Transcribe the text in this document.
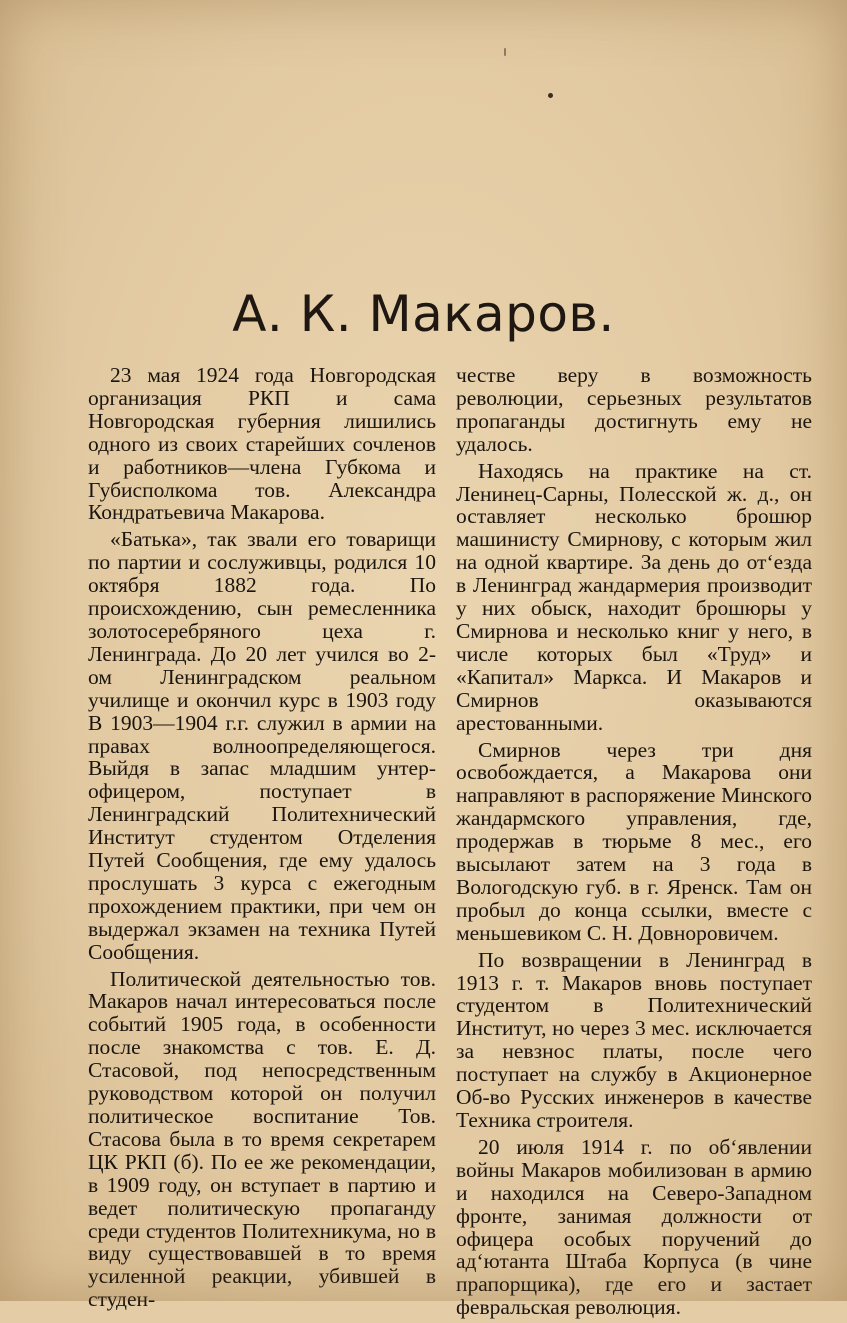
А. К. Макаров.

23 мая 1924 года Новгородская организация РКП и сама Новгородская губерния лишились одного из своих старейших сочленов и работников—члена Губкома и Губисполкома тов. Александра Кондратьевича Макарова.

«Батька», так звали его товарищи по партии и сослуживцы, родился 10 октября 1882 года. По происхождению, сын ремесленника золотосеребряного цеха г. Ленинграда. До 20 лет учился во 2-ом Ленинградском реальном училище и окончил курс в 1903 году В 1903—1904 г.г. служил в армии на правах волноопределяющегося. Выйдя в запас младшим унтер-офицером, поступает в Ленинградский Политехнический Институт студентом Отделения Путей Сообщения, где ему удалось прослушать 3 курса с ежегодным прохождением практики, при чем он выдержал экзамен на техника Путей Сообщения.

Политической деятельностью тов. Макаров начал интересоваться после событий 1905 года, в особенности после знакомства с тов. Е. Д. Стасовой, под непосредственным руководством которой он получил политическое воспитание Тов. Стасова была в то время секретарем ЦК РКП (б). По ее же рекомендации, в 1909 году, он вступает в партию и ведет политическую пропаганду среди студентов Политехникума, но в виду существовавшей в то время усиленной реакции, убившей в студен-

честве веру в возможность революции, серьезных результатов пропаганды достигнуть ему не удалось.

Находясь на практике на ст. Ленинец-Сарны, Полесской ж. д., он оставляет несколько брошюр машинисту Смирнову, с которым жил на одной квартире. За день до от‘езда в Ленинград жандармерия производит у них обыск, находит брошюры у Смирнова и несколько книг у него, в числе которых был «Труд» и «Капитал» Маркса. И Макаров и Смирнов оказываются арестованными.

Смирнов через три дня освобождается, а Макарова они направляют в распоряжение Минского жандармского управления, где, продержав в тюрьме 8 мес., его высылают затем на 3 года в Вологодскую губ. в г. Яренск. Там он пробыл до конца ссылки, вместе с меньшевиком С. Н. Довноровичем.

По возвращении в Ленинград в 1913 г. т. Макаров вновь поступает студентом в Политехнический Институт, но через 3 мес. исключается за невзнос платы, после чего поступает на службу в Акционерное Об-во Русских инженеров в качестве Техника строителя.

20 июля 1914 г. по об‘явлении войны Макаров мобилизован в армию и находился на Северо-Западном фронте, занимая должности от офицера особых поручений до ад‘ютанта Штаба Корпуса (в чине прапорщика), где его и застает февральская революция.
